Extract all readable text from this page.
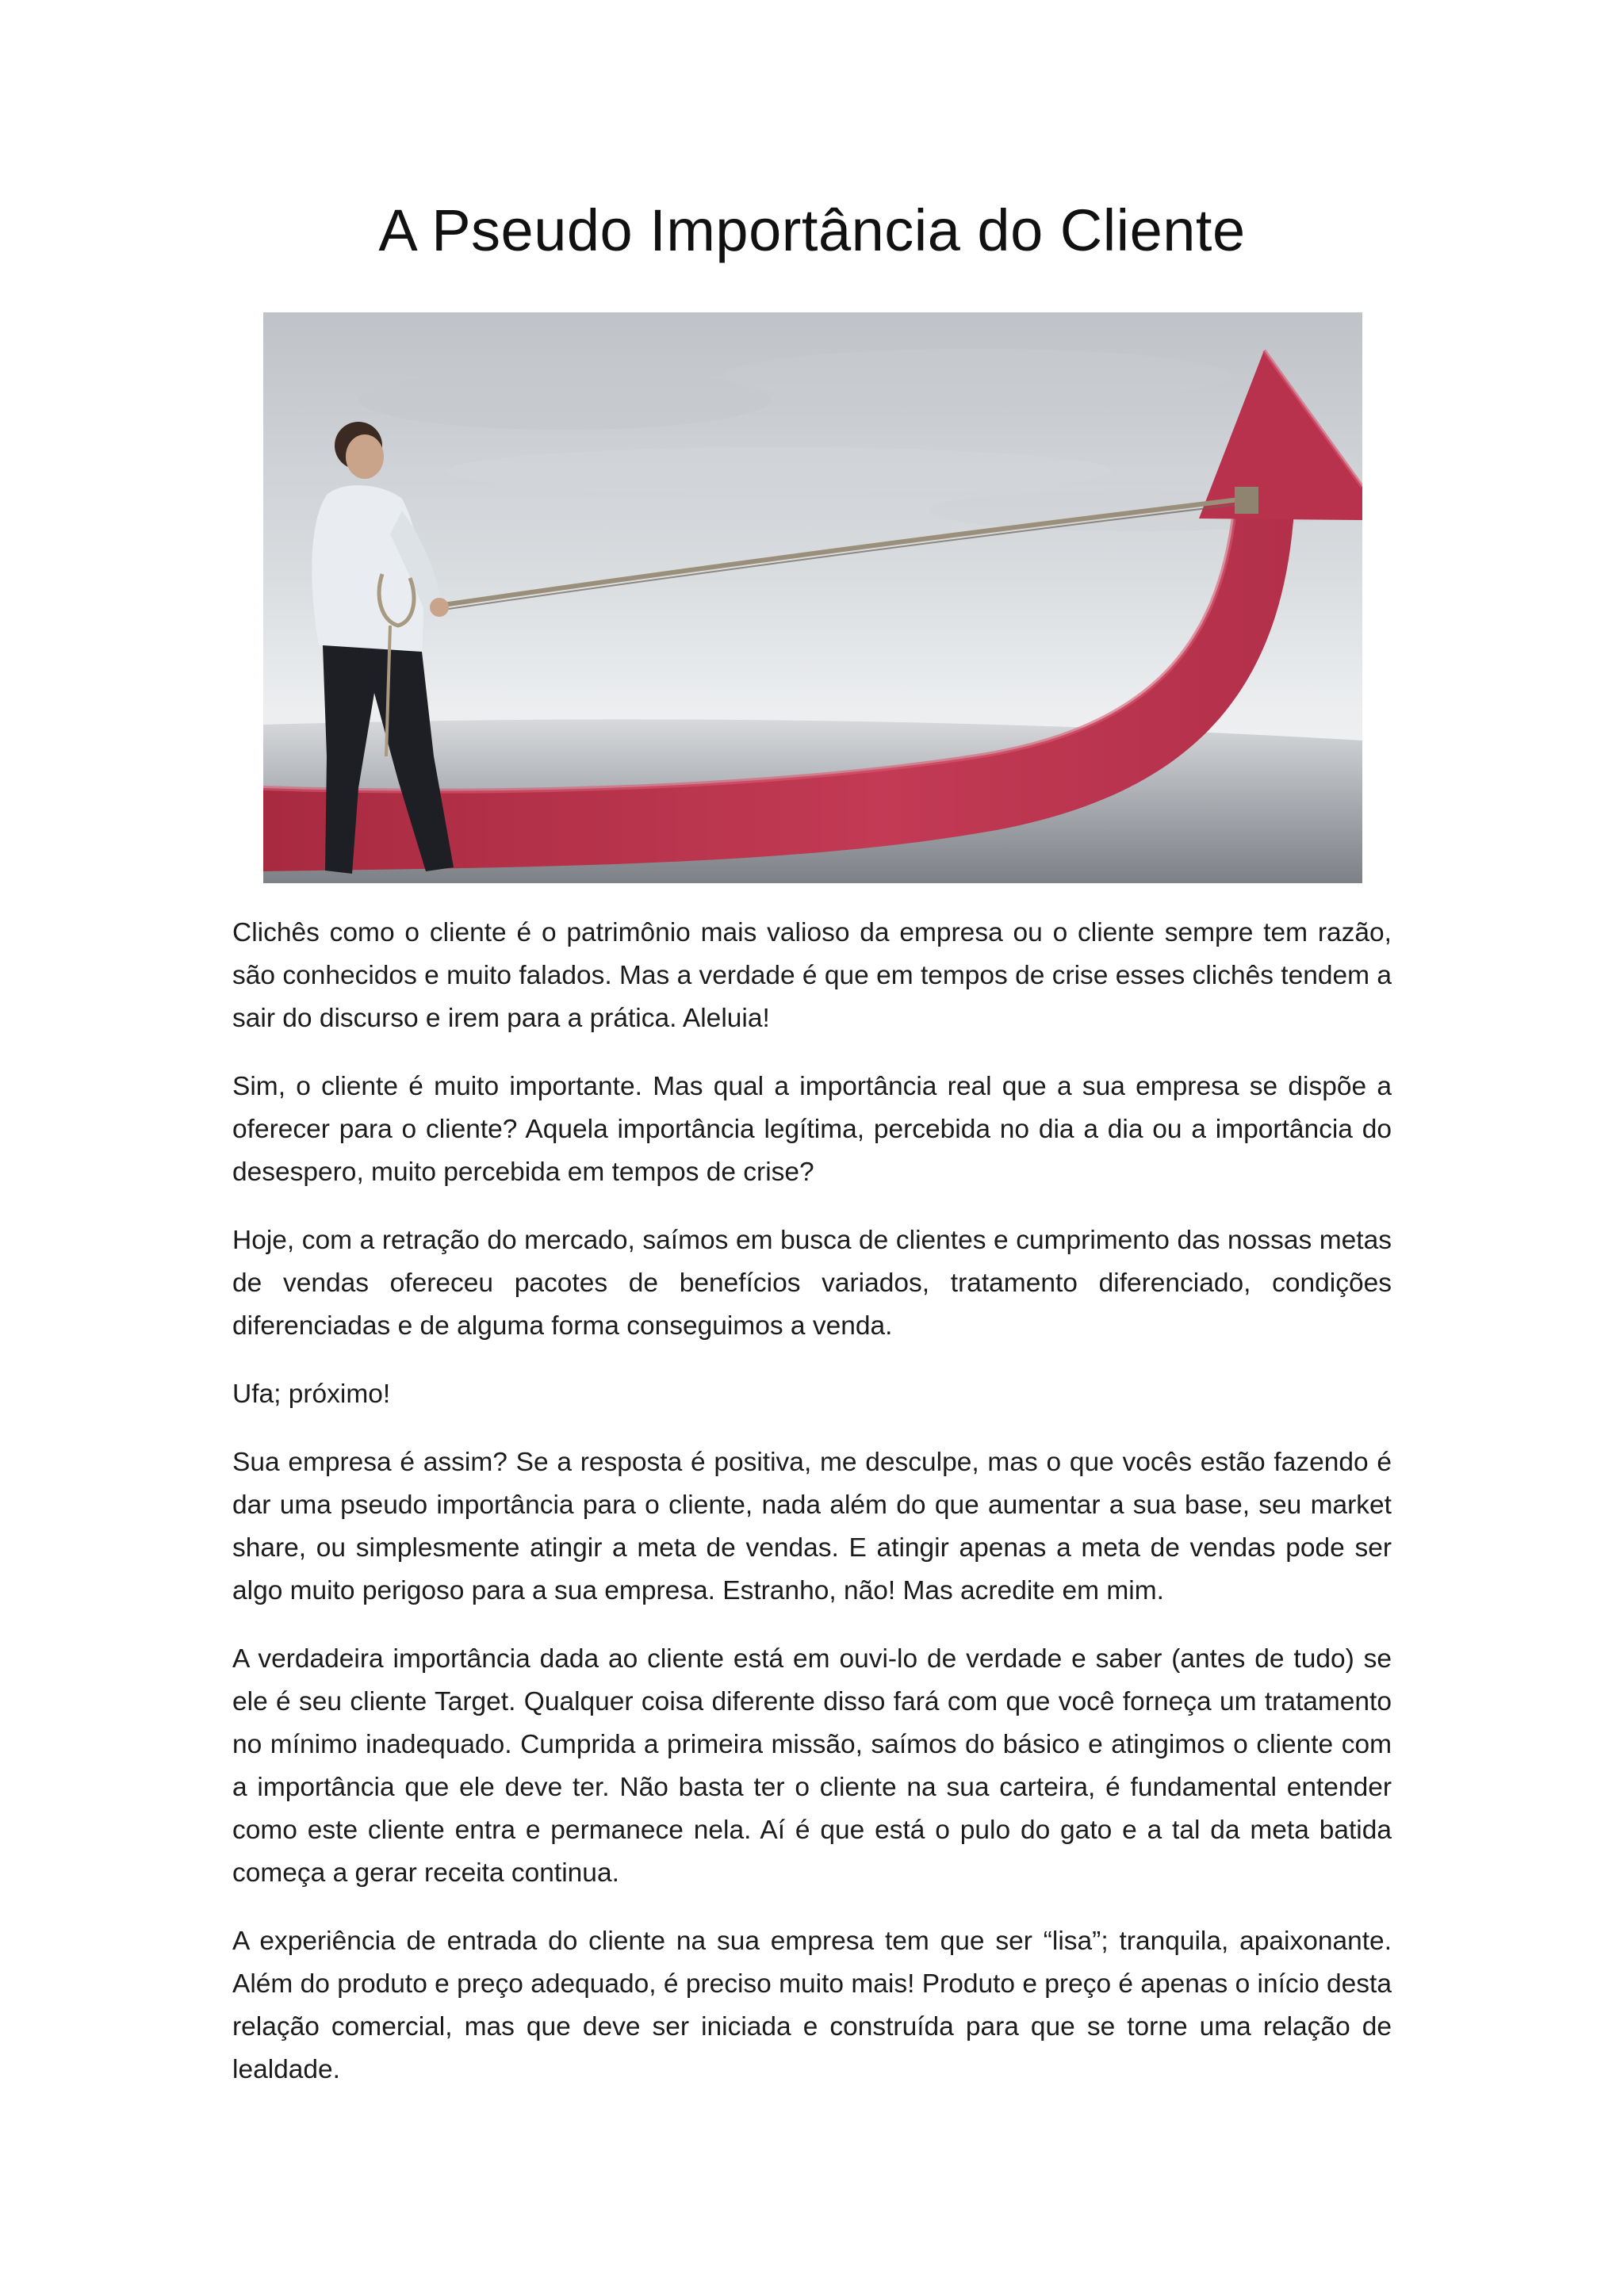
A Pseudo Importância do Cliente

Clichês como o cliente é o patrimônio mais valioso da empresa ou o cliente sempre tem razão, são conhecidos e muito falados. Mas a verdade é que em tempos de crise esses clichês tendem a sair do discurso e irem para a prática. Aleluia!

Sim, o cliente é muito importante. Mas qual a importância real que a sua empresa se dispõe a oferecer para o cliente? Aquela importância legítima, percebida no dia a dia ou a importância do desespero, muito percebida em tempos de crise?

Hoje, com a retração do mercado, saímos em busca de clientes e cumprimento das nossas metas de vendas ofereceu pacotes de benefícios variados, tratamento diferenciado, condições diferenciadas e de alguma forma conseguimos a venda.

Ufa; próximo!

Sua empresa é assim? Se a resposta é positiva, me desculpe, mas o que vocês estão fazendo é dar uma pseudo importância para o cliente, nada além do que aumentar a sua base, seu market share, ou simplesmente atingir a meta de vendas. E atingir apenas a meta de vendas pode ser algo muito perigoso para a sua empresa. Estranho, não! Mas acredite em mim.

A verdadeira importância dada ao cliente está em ouvi-lo de verdade e saber (antes de tudo) se ele é seu cliente Target. Qualquer coisa diferente disso fará com que você forneça um tratamento no mínimo inadequado. Cumprida a primeira missão, saímos do básico e atingimos o cliente com a importância que ele deve ter. Não basta ter o cliente na sua carteira, é fundamental entender como este cliente entra e permanece nela. Aí é que está o pulo do gato e a tal da meta batida começa a gerar receita continua.

A experiência de entrada do cliente na sua empresa tem que ser “lisa”; tranquila, apaixonante. Além do produto e preço adequado, é preciso muito mais! Produto e preço é apenas o início desta relação comercial, mas que deve ser iniciada e construída para que se torne uma relação de lealdade.
